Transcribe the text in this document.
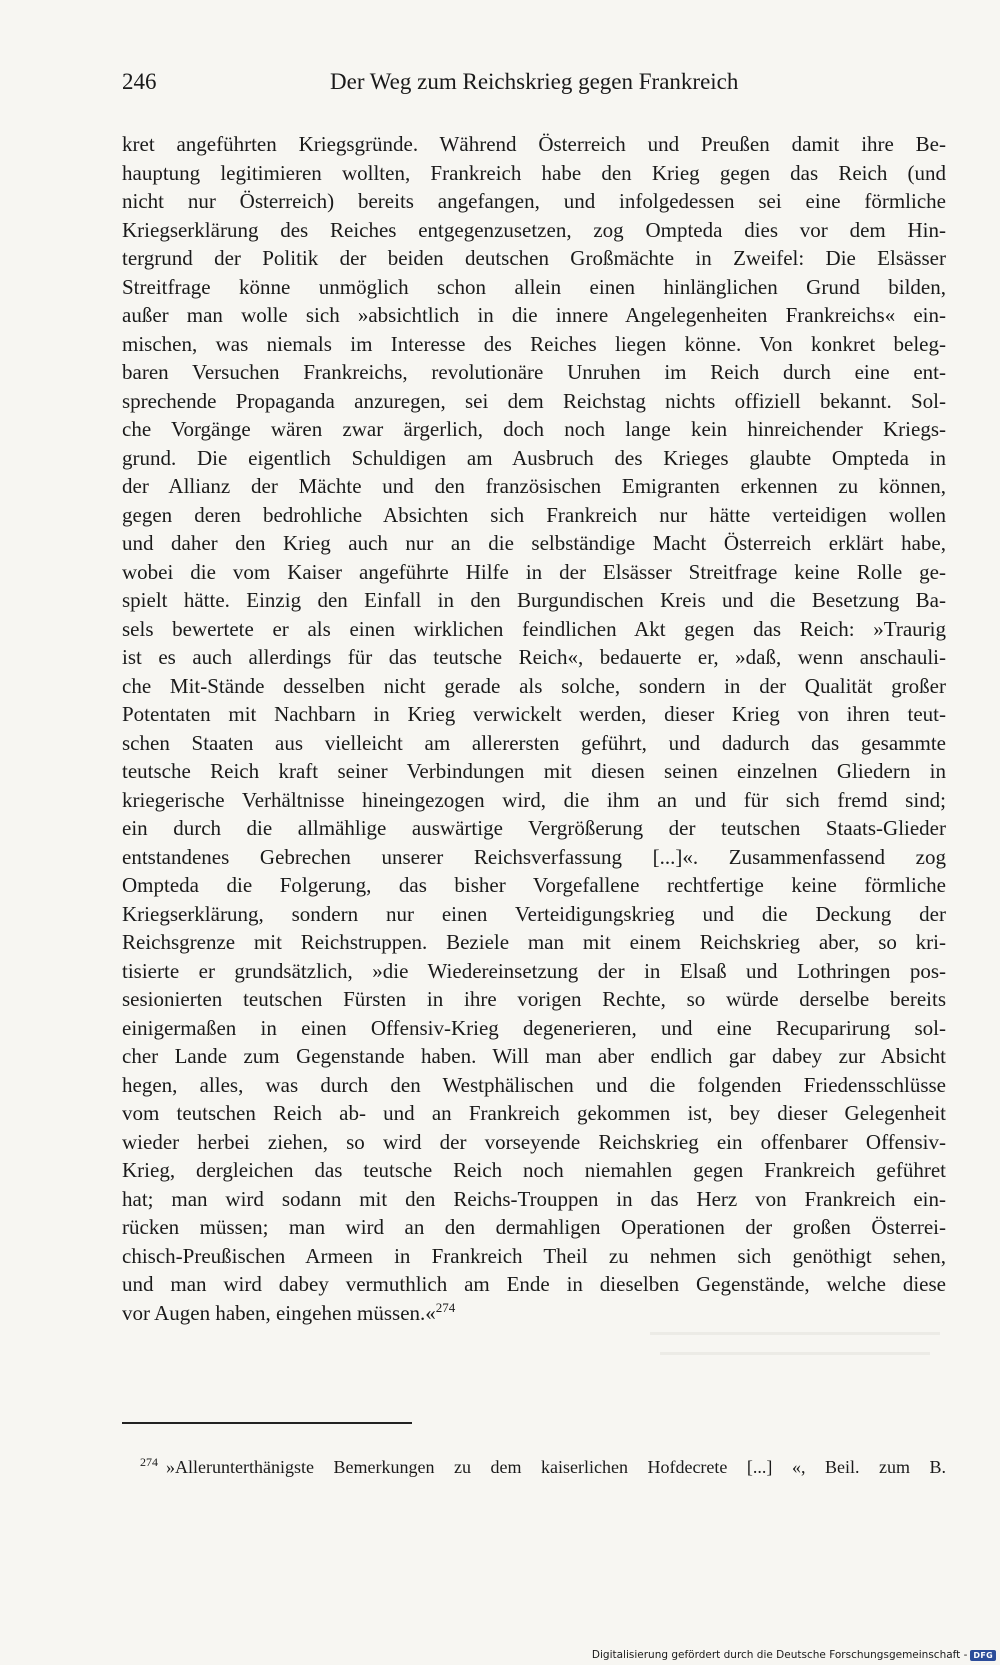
246	Der Weg zum Reichskrieg gegen Frankreich
kret angeführten Kriegsgründe. Während Österreich und Preußen damit ihre Be-
hauptung legitimieren wollten, Frankreich habe den Krieg gegen das Reich (und
nicht nur Österreich) bereits angefangen, und infolgedessen sei eine förmliche
Kriegserklärung des Reiches entgegenzusetzen, zog Ompteda dies vor dem Hin-
tergrund der Politik der beiden deutschen Großmächte in Zweifel: Die Elsässer
Streitfrage könne unmöglich schon allein einen hinlänglichen Grund bilden,
außer man wolle sich »absichtlich in die innere Angelegenheiten Frankreichs« ein-
mischen, was niemals im Interesse des Reiches liegen könne. Von konkret beleg-
baren Versuchen Frankreichs, revolutionäre Unruhen im Reich durch eine ent-
sprechende Propaganda anzuregen, sei dem Reichstag nichts offiziell bekannt. Sol-
che Vorgänge wären zwar ärgerlich, doch noch lange kein hinreichender Kriegs-
grund. Die eigentlich Schuldigen am Ausbruch des Krieges glaubte Ompteda in
der Allianz der Mächte und den französischen Emigranten erkennen zu können,
gegen deren bedrohliche Absichten sich Frankreich nur hätte verteidigen wollen
und daher den Krieg auch nur an die selbständige Macht Österreich erklärt habe,
wobei die vom Kaiser angeführte Hilfe in der Elsässer Streitfrage keine Rolle ge-
spielt hätte. Einzig den Einfall in den Burgundischen Kreis und die Besetzung Ba-
sels bewertete er als einen wirklichen feindlichen Akt gegen das Reich: »Traurig
ist es auch allerdings für das teutsche Reich«, bedauerte er, »daß, wenn anschauli-
che Mit-Stände desselben nicht gerade als solche, sondern in der Qualität großer
Potentaten mit Nachbarn in Krieg verwickelt werden, dieser Krieg von ihren teut-
schen Staaten aus vielleicht am allerersten geführt, und dadurch das gesammte
teutsche Reich kraft seiner Verbindungen mit diesen seinen einzelnen Gliedern in
kriegerische Verhältnisse hineingezogen wird, die ihm an und für sich fremd sind;
ein durch die allmählige auswärtige Vergrößerung der teutschen Staats-Glieder
entstandenes Gebrechen unserer Reichsverfassung [...]«. Zusammenfassend zog
Ompteda die Folgerung, das bisher Vorgefallene rechtfertige keine förmliche
Kriegserklärung, sondern nur einen Verteidigungskrieg und die Deckung der
Reichsgrenze mit Reichstruppen. Beziele man mit einem Reichskrieg aber, so kri-
tisierte er grundsätzlich, »die Wiedereinsetzung der in Elsaß und Lothringen pos-
sesionierten teutschen Fürsten in ihre vorigen Rechte, so würde derselbe bereits
einigermaßen in einen Offensiv-Krieg degenerieren, und eine Recuparirung sol-
cher Lande zum Gegenstande haben. Will man aber endlich gar dabey zur Absicht
hegen, alles, was durch den Westphälischen und die folgenden Friedensschlüsse
vom teutschen Reich ab- und an Frankreich gekommen ist, bey dieser Gelegenheit
wieder herbei ziehen, so wird der vorseyende Reichskrieg ein offenbarer Offensiv-
Krieg, dergleichen das teutsche Reich noch niemahlen gegen Frankreich geführet
hat; man wird sodann mit den Reichs-Trouppen in das Herz von Frankreich ein-
rücken müssen; man wird an den dermahligen Operationen der großen Österrei-
chisch-Preußischen Armeen in Frankreich Theil zu nehmen sich genöthigt sehen,
und man wird dabey vermuthlich am Ende in dieselben Gegenstände, welche diese
vor Augen haben, eingehen müssen.«$^{274}$
$^{274}$ »Allerunterthänigste Bemerkungen zu dem kaiserlichen Hofdecrete [...] «, Beil. zum B.
Digitalisierung gefördert durch die Deutsche Forschungsgemeinschaft - DFG
